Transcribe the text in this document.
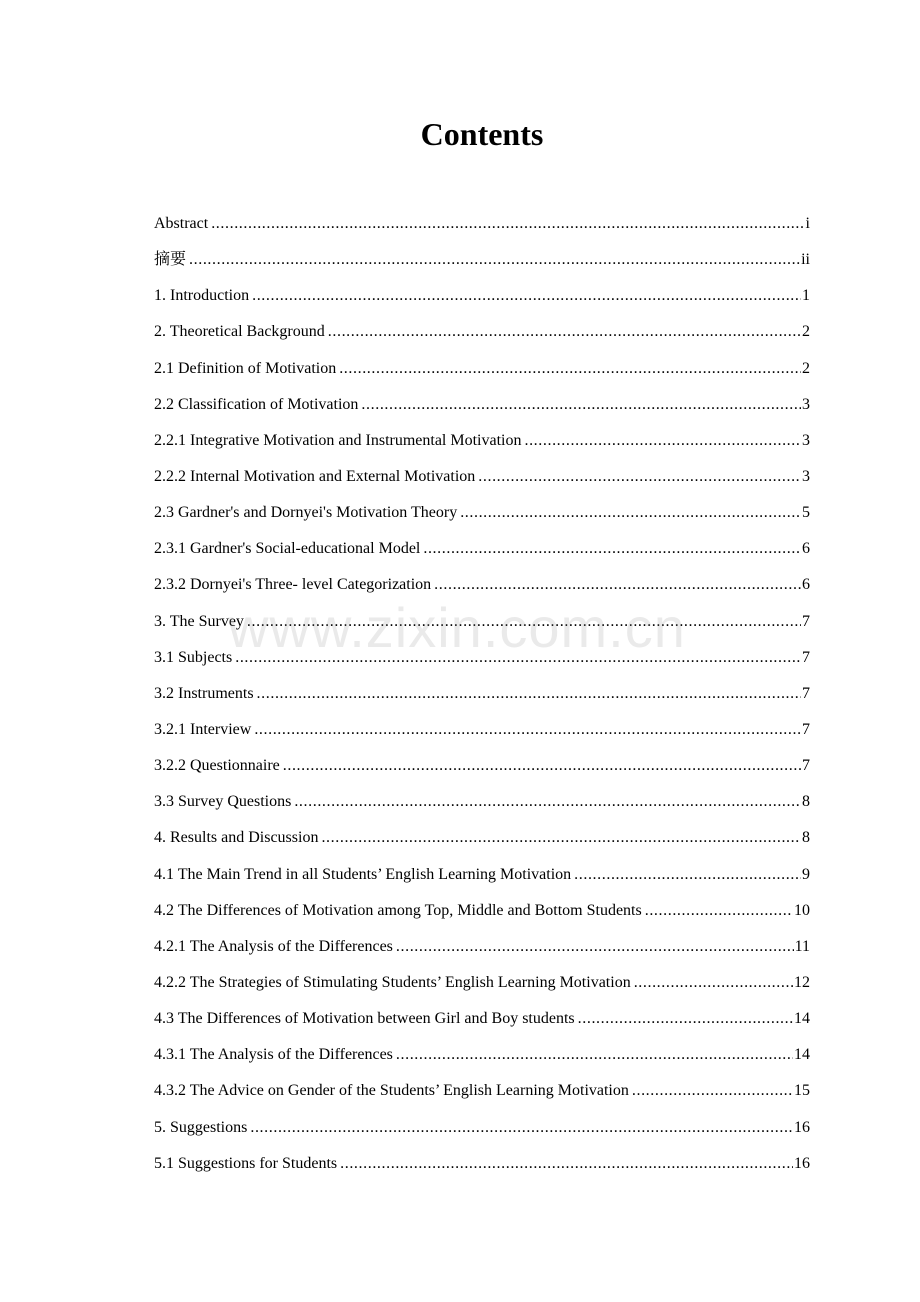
Contents
Abstract .....	i
摘要 .....	ii
1. Introduction .....	1
2. Theoretical Background .....	2
2.1 Definition of Motivation .....	2
2.2 Classification of Motivation .....	3
2.2.1 Integrative Motivation and Instrumental Motivation .....	3
2.2.2 Internal Motivation and External Motivation .....	3
2.3 Gardner's and Dornyei's Motivation Theory .....	5
2.3.1 Gardner's Social-educational Model .....	6
2.3.2 Dornyei's Three- level Categorization .....	6
3. The Survey .....	7
3.1 Subjects .....	7
3.2 Instruments .....	7
3.2.1 Interview .....	7
3.2.2 Questionnaire .....	7
3.3 Survey Questions .....	8
4. Results and Discussion .....	8
4.1 The Main Trend in all Students’ English Learning Motivation .....	9
4.2 The Differences of Motivation among Top, Middle and Bottom Students .....	10
4.2.1 The Analysis of the Differences .....	11
4.2.2 The Strategies of Stimulating Students’ English Learning Motivation .....	12
4.3 The Differences of Motivation between Girl and Boy students .....	14
4.3.1 The Analysis of the Differences .....	14
4.3.2 The Advice on Gender of the Students’ English Learning Motivation .....	15
5. Suggestions .....	16
5.1 Suggestions for Students .....	16
www.zixin.com.cn
